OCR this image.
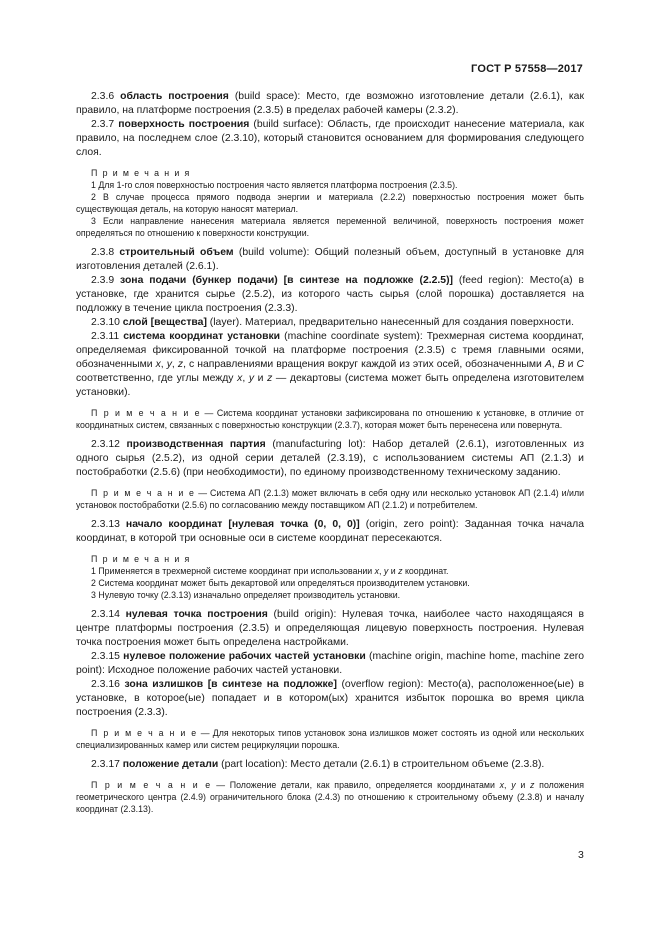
ГОСТ Р 57558—2017

2.3.6 область построения (build space): Место, где возможно изготовление детали (2.6.1), как правило, на платформе построения (2.3.5) в пределах рабочей камеры (2.3.2).

2.3.7 поверхность построения (build surface): Область, где происходит нанесение материала, как правило, на последнем слое (2.3.10), который становится основанием для формирования следующего слоя.

П р и м е ч а н и я

1 Для 1-го слоя поверхностью построения часто является платформа построения (2.3.5).

2 В случае процесса прямого подвода энергии и материала (2.2.2) поверхностью построения может быть существующая деталь, на которую наносят материал.

3 Если направление нанесения материала является переменной величиной, поверхность построения может определяться по отношению к поверхности конструкции.

2.3.8 строительный объем (build volume): Общий полезный объем, доступный в установке для изготовления деталей (2.6.1).

2.3.9 зона подачи (бункер подачи) [в синтезе на подложке (2.2.5)] (feed region): Место(а) в установке, где хранится сырье (2.5.2), из которого часть сырья (слой порошка) доставляется на подложку в течение цикла построения (2.3.3).

2.3.10 слой [вещества] (layer). Материал, предварительно нанесенный для создания поверхности.

2.3.11 система координат установки (machine coordinate system): Трехмерная система координат, определяемая фиксированной точкой на платформе построения (2.3.5) с тремя главными осями, обозначенными x, y, z, с направлениями вращения вокруг каждой из этих осей, обозначенными A, B и C соответственно, где углы между x, y и z — декартовы (система может быть определена изготовителем установки).

П р и м е ч а н и е — Система координат установки зафиксирована по отношению к установке, в отличие от координатных систем, связанных с поверхностью конструкции (2.3.7), которая может быть перенесена или повернута.

2.3.12 производственная партия (manufacturing lot): Набор деталей (2.6.1), изготовленных из одного сырья (2.5.2), из одной серии деталей (2.3.19), с использованием системы АП (2.1.3) и постобработки (2.5.6) (при необходимости), по единому производственному техническому заданию.

П р и м е ч а н и е — Система АП (2.1.3) может включать в себя одну или несколько установок АП (2.1.4) и/или установок постобработки (2.5.6) по согласованию между поставщиком АП (2.1.2) и потребителем.

2.3.13 начало координат [нулевая точка (0, 0, 0)] (origin, zero point): Заданная точка начала координат, в которой три основные оси в системе координат пересекаются.

П р и м е ч а н и я

1 Применяется в трехмерной системе координат при использовании x, y и z координат.

2 Система координат может быть декартовой или определяться производителем установки.

3 Нулевую точку (2.3.13) изначально определяет производитель установки.

2.3.14 нулевая точка построения (build origin): Нулевая точка, наиболее часто находящаяся в центре платформы построения (2.3.5) и определяющая лицевую поверхность построения. Нулевая точка построения может быть определена настройками.

2.3.15 нулевое положение рабочих частей установки (machine origin, machine home, machine zero point): Исходное положение рабочих частей установки.

2.3.16 зона излишков [в синтезе на подложке] (overflow region): Место(а), расположенное(ые) в установке, в которое(ые) попадает и в котором(ых) хранится избыток порошка во время цикла построения (2.3.3).

П р и м е ч а н и е — Для некоторых типов установок зона излишков может состоять из одной или нескольких специализированных камер или систем рециркуляции порошка.

2.3.17 положение детали (part location): Место детали (2.6.1) в строительном объеме (2.3.8).

П р и м е ч а н и е — Положение детали, как правило, определяется координатами x, y и z положения геометрического центра (2.4.9) ограничительного блока (2.4.3) по отношению к строительному объему (2.3.8) и началу координат (2.3.13).

3
